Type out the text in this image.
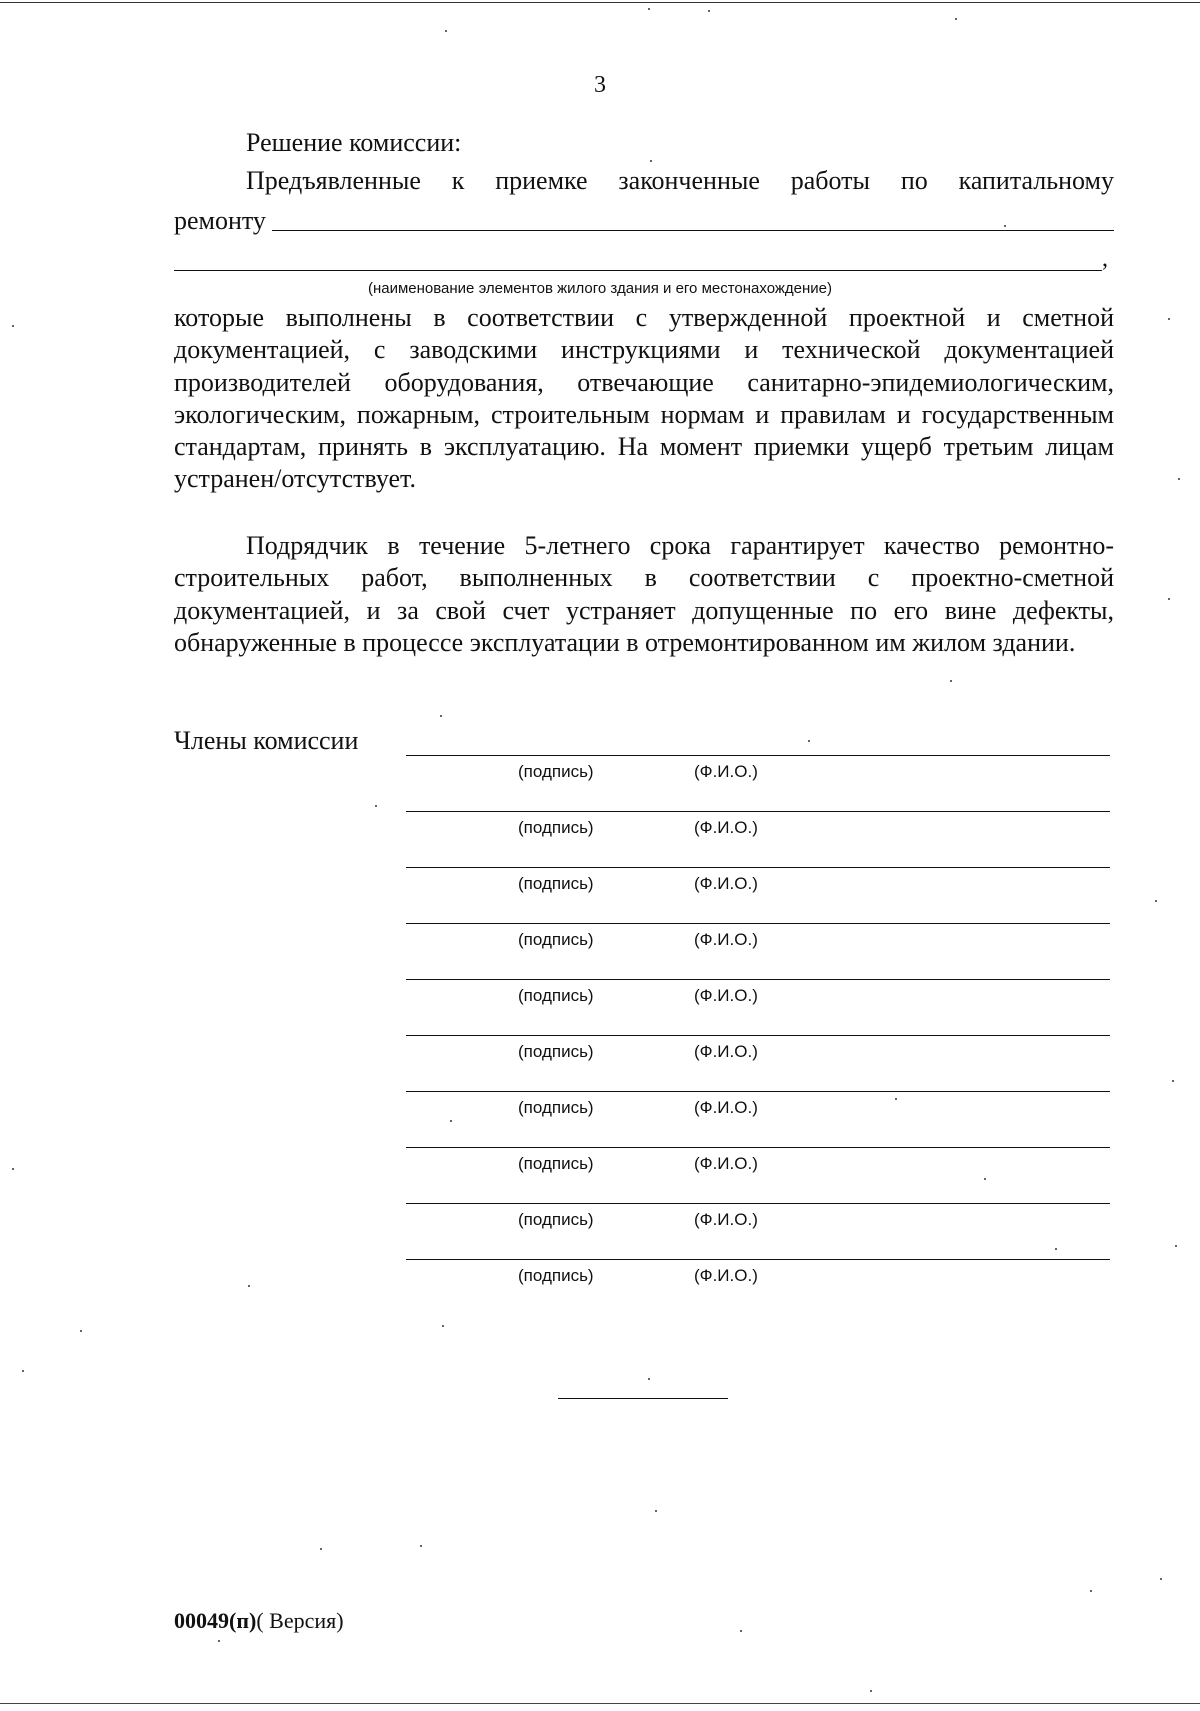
3
Решение комиссии:
Предъявленные к приемке законченные работы по капитальному
ремонту
,
(наименование элементов жилого здания и его местонахождение)
которые выполнены в соответствии с утвержденной проектной и сметной документацией, с заводскими инструкциями и технической документацией производителей оборудования, отвечающие санитарно-эпидемиологическим, экологическим, пожарным, строительным нормам и правилам и государственным стандартам, принять в эксплуатацию. На момент приемки ущерб третьим лицам устранен/отсутствует.
Подрядчик в течение 5-летнего срока гарантирует качество ремонтно-строительных работ, выполненных в соответствии с проектно-сметной документацией, и за свой счет устраняет допущенные по его вине дефекты, обнаруженные в процессе эксплуатации в отремонтированном им жилом здании.
Члены комиссии
(подпись)	(Ф.И.О.)
(подпись)	(Ф.И.О.)
(подпись)	(Ф.И.О.)
(подпись)	(Ф.И.О.)
(подпись)	(Ф.И.О.)
(подпись)	(Ф.И.О.)
(подпись)	(Ф.И.О.)
(подпись)	(Ф.И.О.)
(подпись)	(Ф.И.О.)
(подпись)	(Ф.И.О.)
00049(п)( Версия)
